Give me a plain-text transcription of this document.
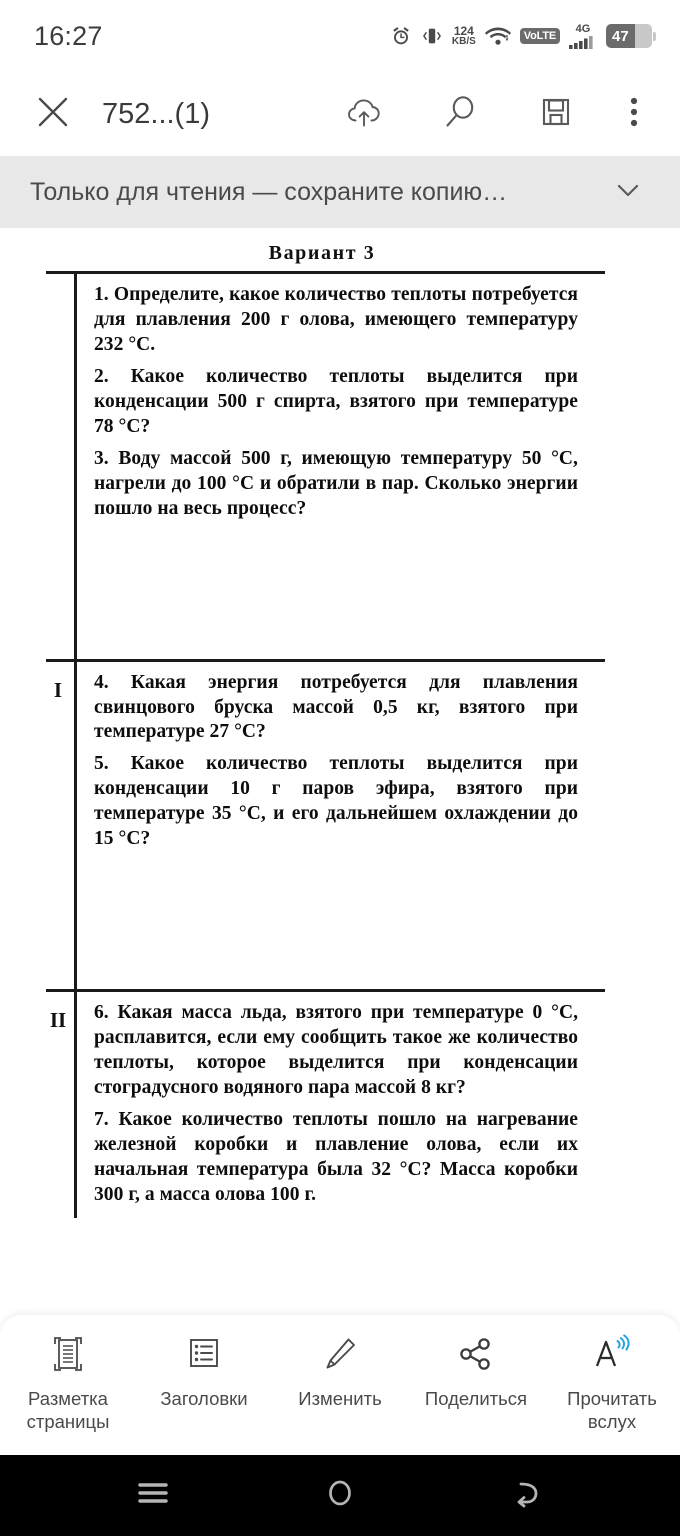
16:27	124
KB/S	VoLTE
4G	47
752...(1)
Только для чтения — сохраните копию…
Вариант 3

1. Определите, какое количество теплоты потребуется для плавления 200 г олова, имеющего температуру 232 °С.

2. Какое количество теплоты выделится при конденсации 500 г спирта, взятого при температуре 78 °С?

3. Воду массой 500 г, имеющую температуру 50 °С, нагрели до 100 °С и обратили в пар. Сколько энергии пошло на весь процесс?

I	4. Какая энергия потребуется для плавления свинцового бруска массой 0,5 кг, взятого при температуре 27 °С?

5. Какое количество теплоты выделится при конденсации 10 г паров эфира, взятого при температуре 35 °С, и его дальнейшем охлаждении до 15 °С?

II 6. Какая масса льда, взятого при температуре 0 °С, расплавится, если ему сообщить такое же количество теплоты, которое выделится при конденсации стоградусного водяного пара массой 8 кг?

7. Какое количество теплоты пошло на нагревание железной коробки и плавление олова, если их начальная температура была 32 °С? Масса коробки 300 г, а масса олова 100 г.

Разметка страницы
Заголовки	Изменить Поделиться	Прочитать вслух
